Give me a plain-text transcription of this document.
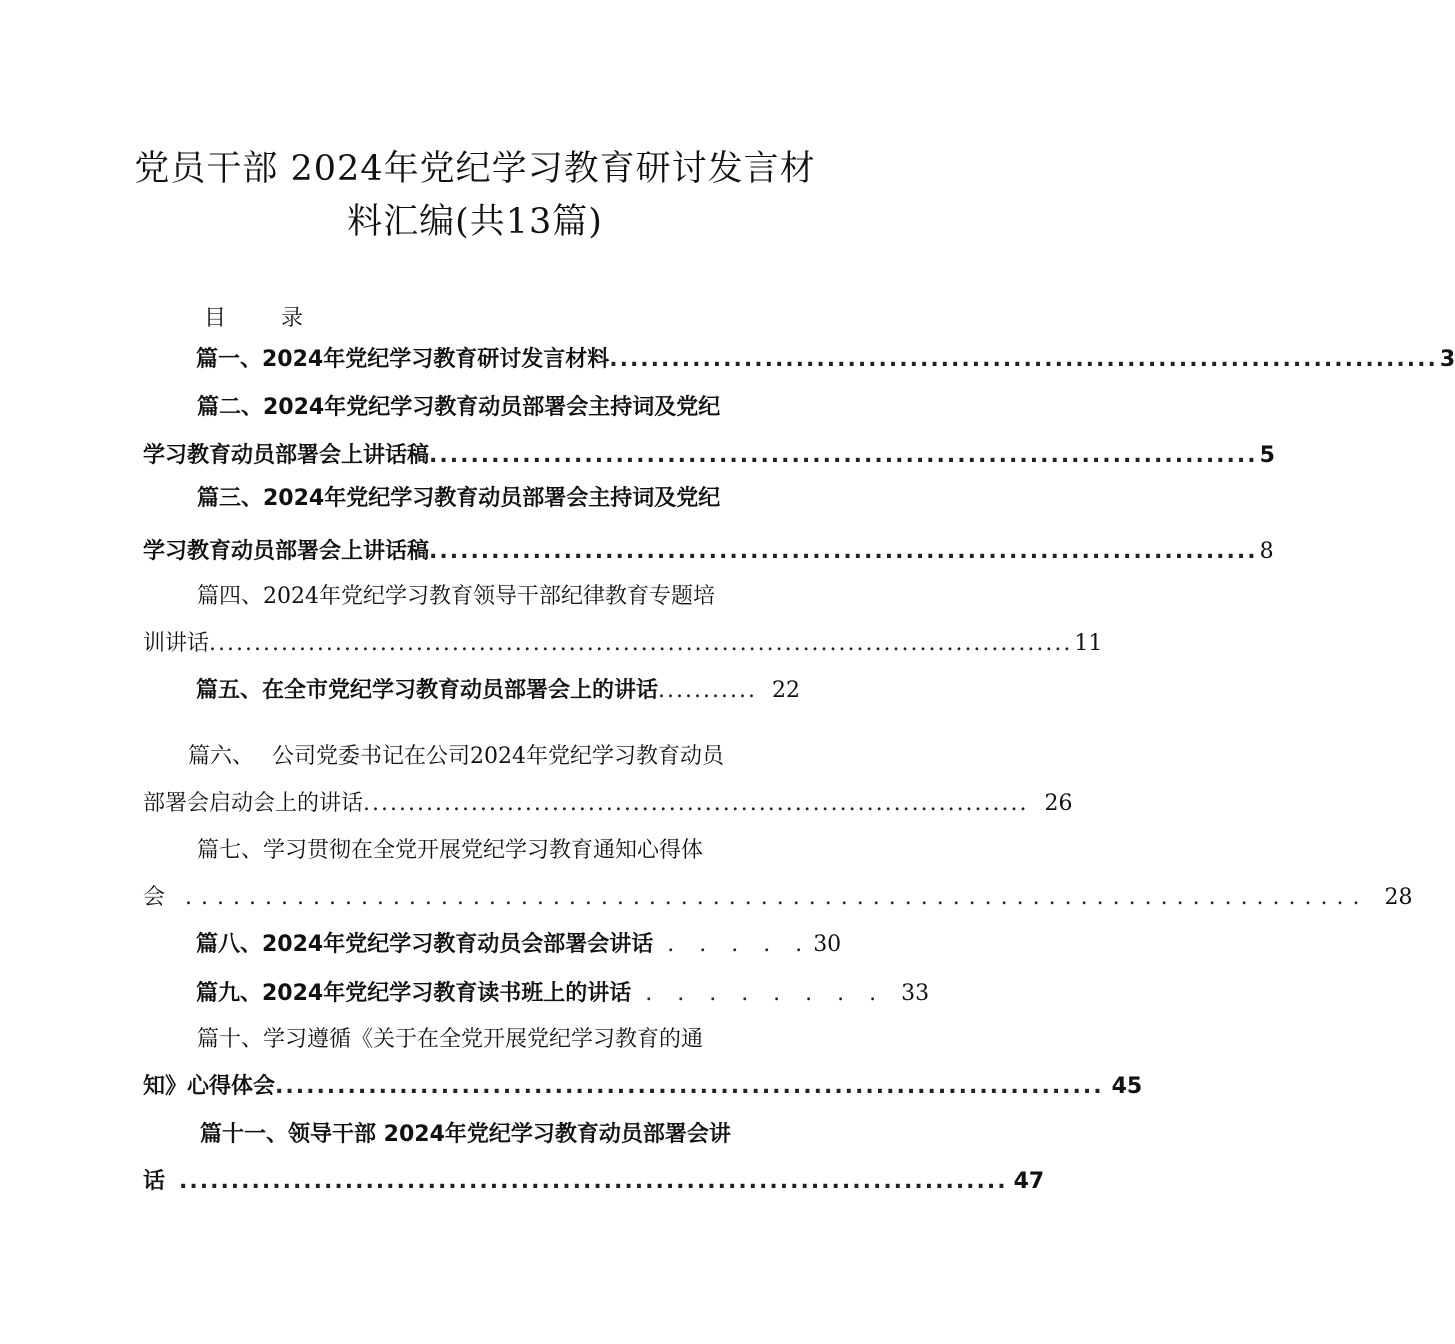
党员干部 2024年党纪学习教育研讨发言材
料汇编(共13篇)
目 录
篇一、2024年党纪学习教育研讨发言材料 ................................................................................ 3
篇二、2024年党纪学习教育动员部署会主持词及党纪
学习教育动员部署会上讲话稿 ................................................................................ 5
篇三、2024年党纪学习教育动员部署会主持词及党纪
学习教育动员部署会上讲话稿 ................................................................................ 8
篇四、2024年党纪学习教育领导干部纪律教育专题培
训讲话 ................................................................................................ 11
篇五、在全市党纪学习教育动员部署会上的讲话 ........... 22
篇六、　 公司党委书记在公司2024年党纪学习教育动员
部署会启动会上的讲话 .......................................................................... 26
篇七、学习贯彻在全党开展党纪学习教育通知心得体
会 .......................................................................... 28
篇八、2024年党纪学习教育动员会部署会讲话 . . . . . 30
篇九、2024年党纪学习教育读书班上的讲话 . . . . . . . . 33
篇十、学习遵循《关于在全党开展党纪学习教育的通
知》心得体会 ................................................................................ 45
篇十一、领导干部 2024年党纪学习教育动员部署会讲
话 ................................................................................ 47
